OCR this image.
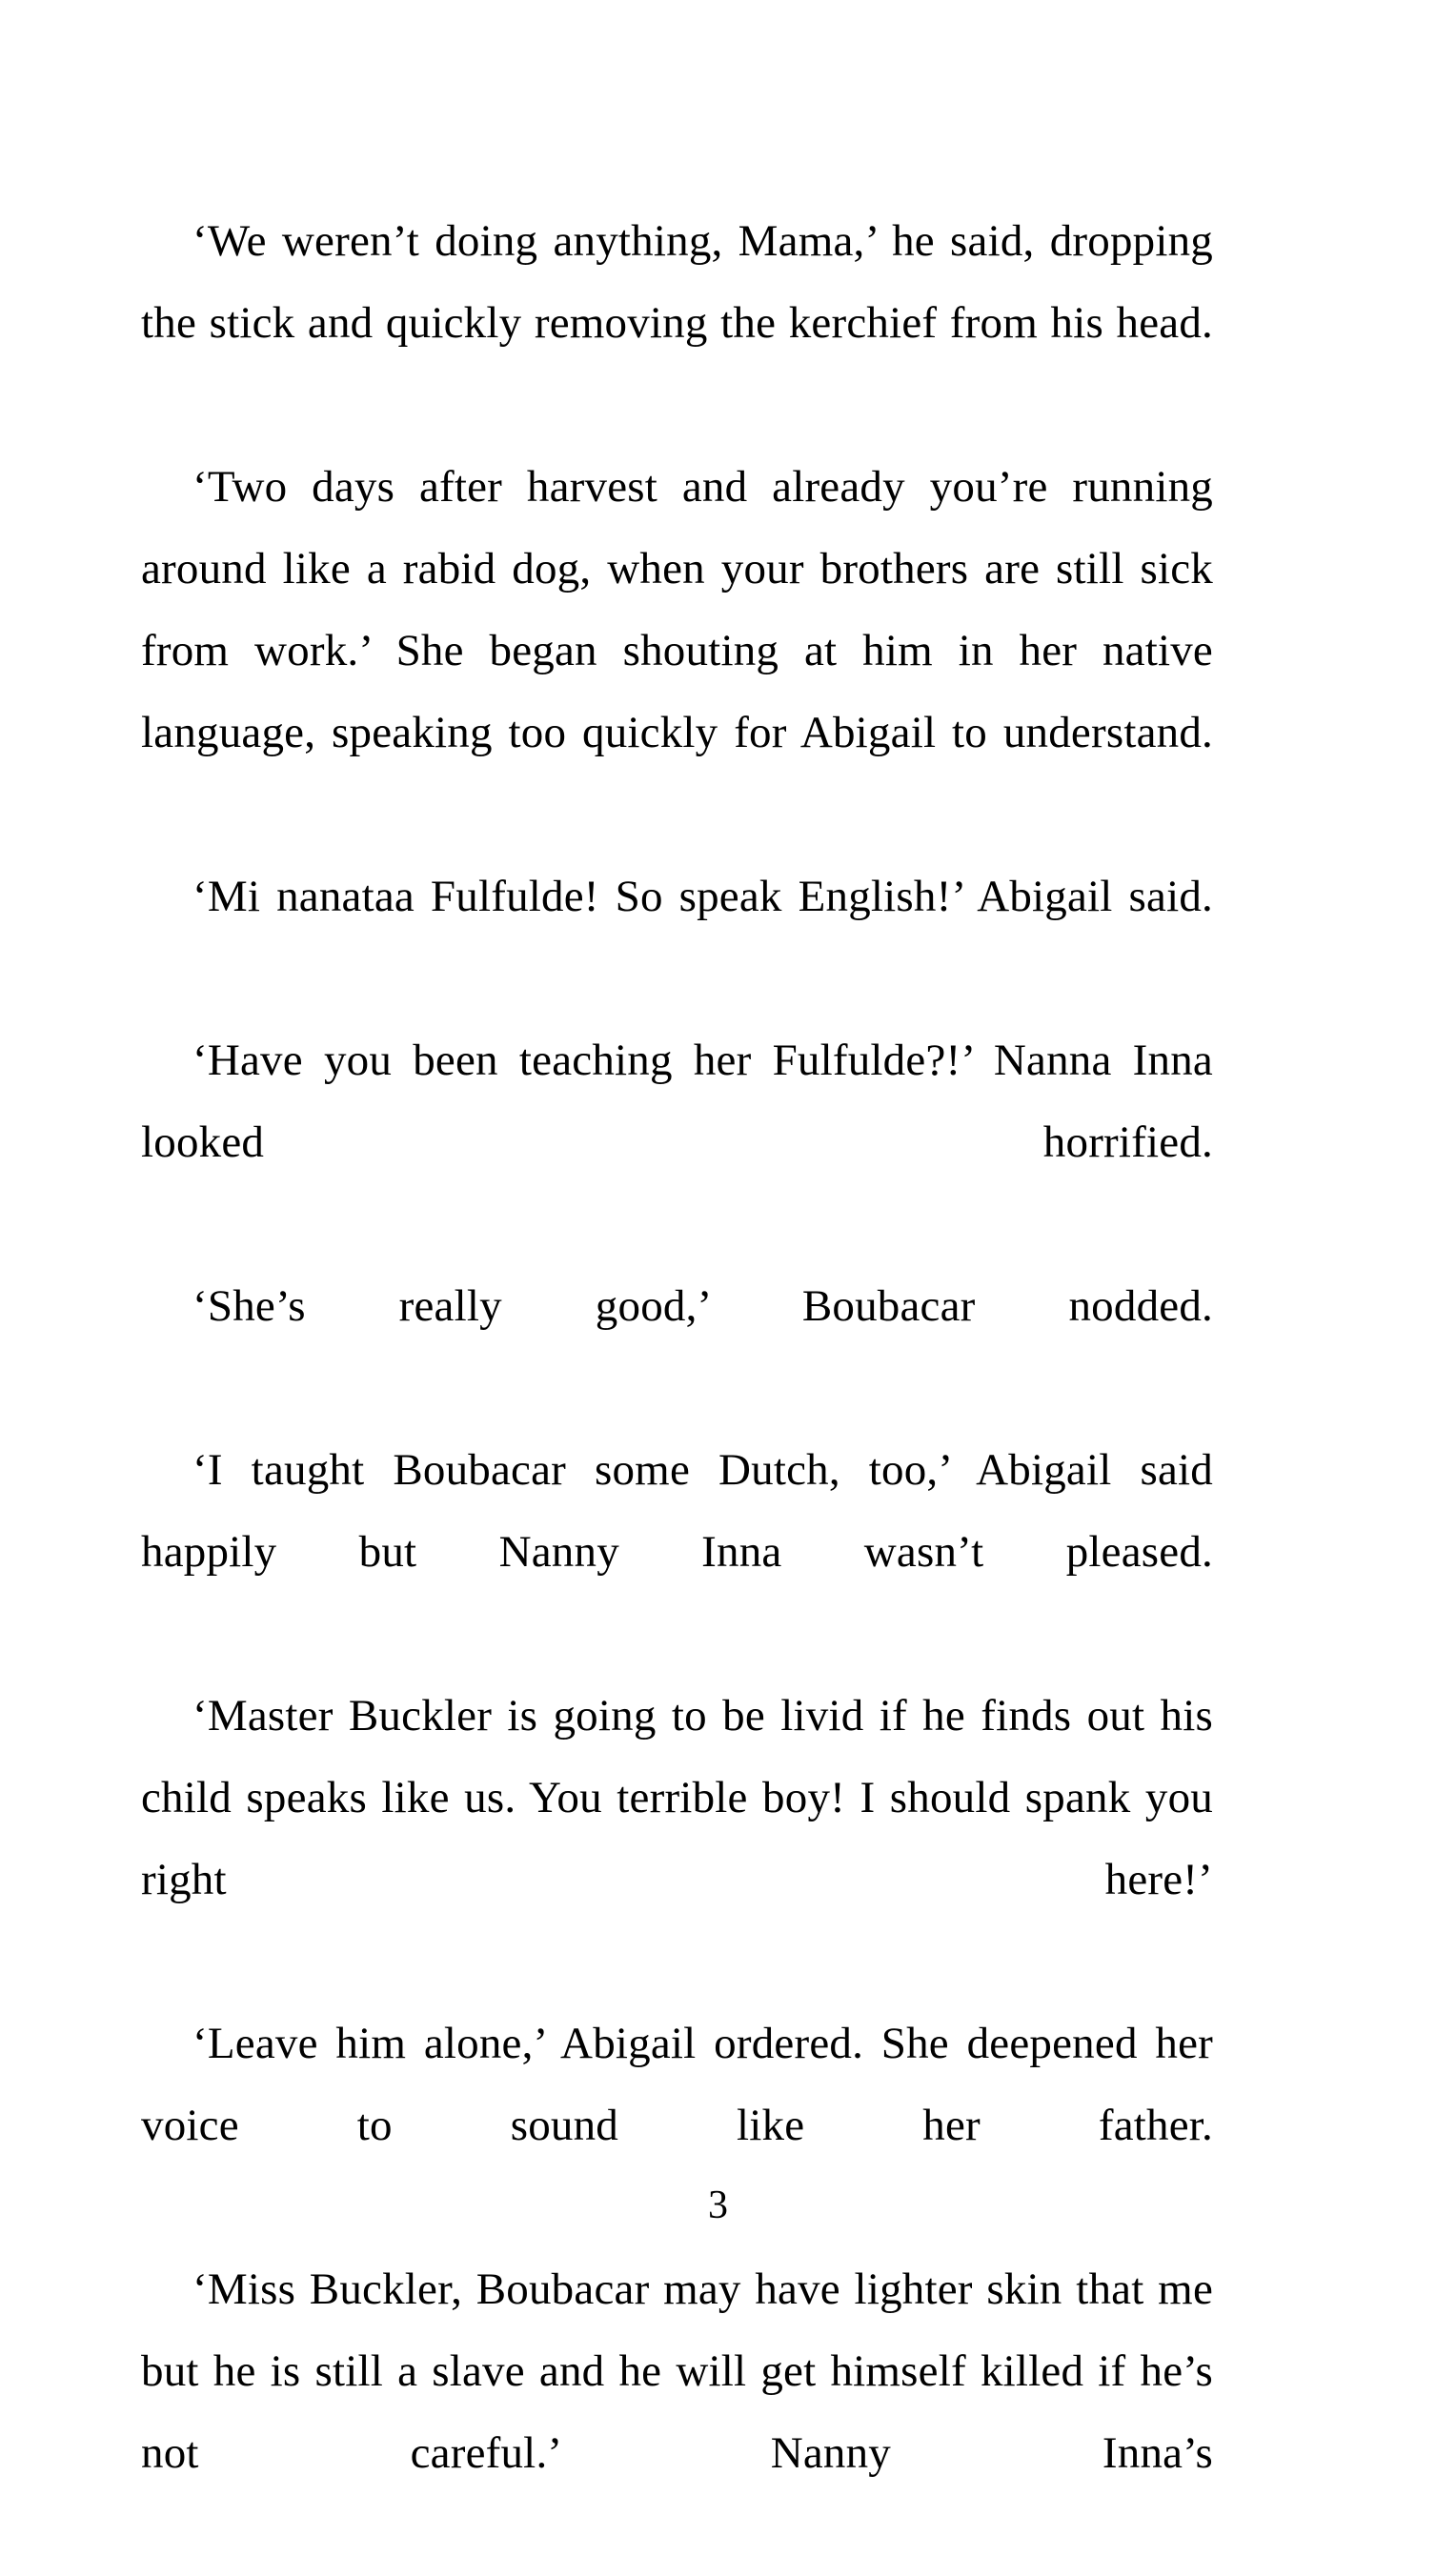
‘We weren’t doing anything, Mama,’ he said, dropping the stick and quickly removing the kerchief from his head.

‘Two days after harvest and already you’re running around like a rabid dog, when your brothers are still sick from work.’ She began shouting at him in her native language, speaking too quickly for Abigail to understand.

‘Mi nanataa Fulfulde! So speak English!’ Abigail said.

‘Have you been teaching her Fulfulde?!’ Nanna Inna looked horrified.

‘She’s really good,’ Boubacar nodded.

‘I taught Boubacar some Dutch, too,’ Abigail said happily but Nanny Inna wasn’t pleased.

‘Master Buckler is going to be livid if he finds out his child speaks like us. You terrible boy! I should spank you right here!’

‘Leave him alone,’ Abigail ordered. She deepened her voice to sound like her father.

‘Miss Buckler, Boubacar may have lighter skin that me but he is still a slave and he will get himself killed if he’s not careful.’ Nanny Inna’s

3
